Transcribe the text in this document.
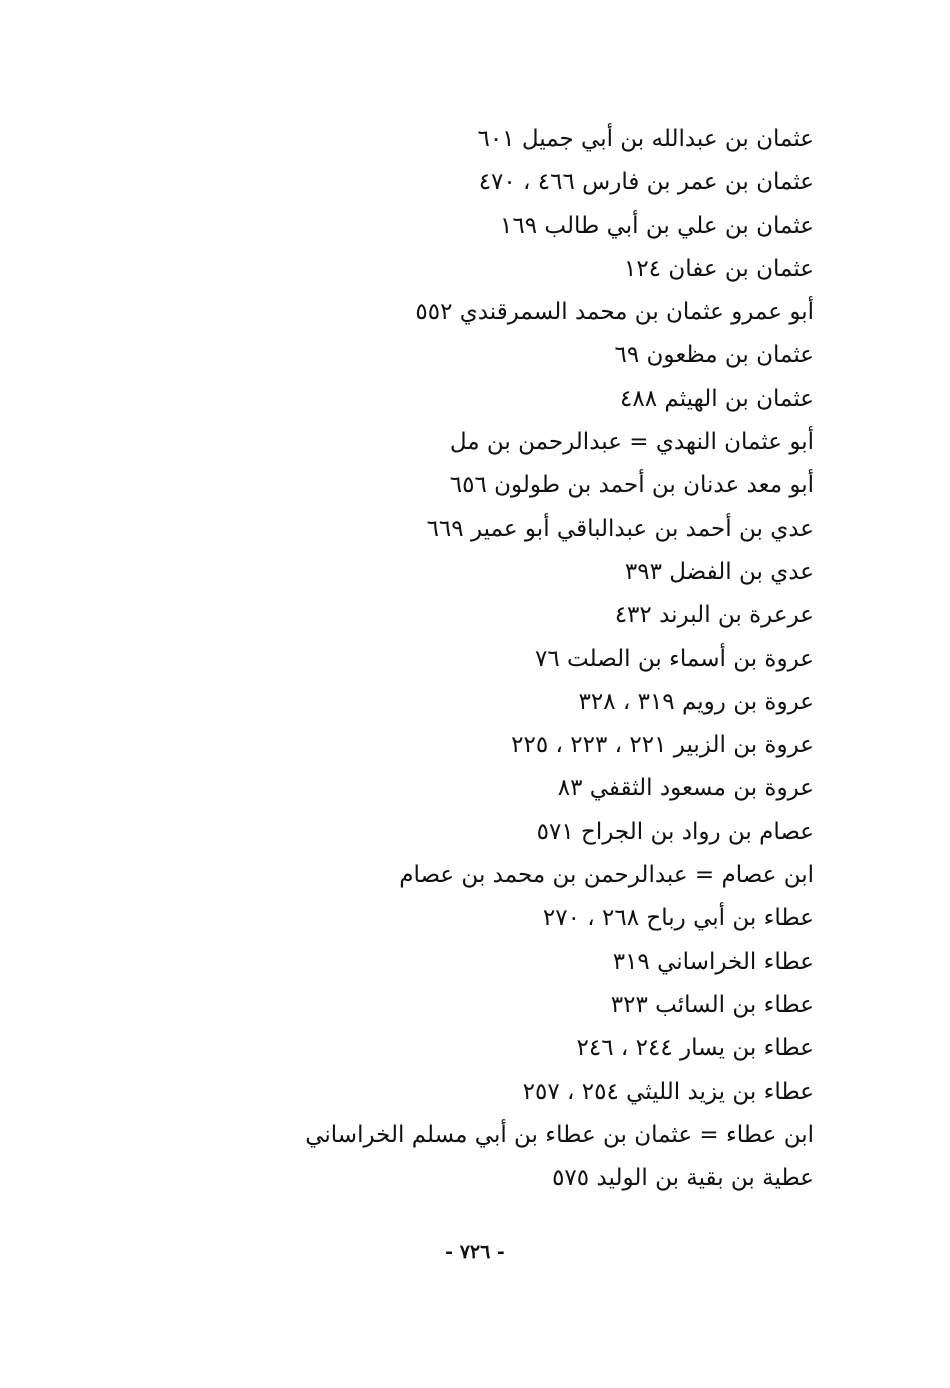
عثمان بن عبدالله بن أبي جميل ٦٠١
عثمان بن عمر بن فارس ٤٦٦ ، ٤٧٠
عثمان بن علي بن أبي طالب ١٦٩
عثمان بن عفان ١٢٤
أبو عمرو عثمان بن محمد السمرقندي ٥٥٢
عثمان بن مظعون ٦٩
عثمان بن الهيثم ٤٨٨
أبو عثمان النهدي = عبدالرحمن بن مل
أبو معد عدنان بن أحمد بن طولون ٦٥٦
عدي بن أحمد بن عبدالباقي أبو عمير ٦٦٩
عدي بن الفضل ٣٩٣
عرعرة بن البرند ٤٣٢
عروة بن أسماء بن الصلت ٧٦
عروة بن رويم ٣١٩ ، ٣٢٨
عروة بن الزبير ٢٢١ ، ٢٢٣ ، ٢٢٥
عروة بن مسعود الثقفي ٨٣
عصام بن رواد بن الجراح ٥٧١
ابن عصام = عبدالرحمن بن محمد بن عصام
عطاء بن أبي رباح ٢٦٨ ، ٢٧٠
عطاء الخراساني ٣١٩
عطاء بن السائب ٣٢٣
عطاء بن يسار ٢٤٤ ، ٢٤٦
عطاء بن يزيد الليثي ٢٥٤ ، ٢٥٧
ابن عطاء = عثمان بن عطاء بن أبي مسلم الخراساني
عطية بن بقية بن الوليد ٥٧٥
- ٧٢٦ -
